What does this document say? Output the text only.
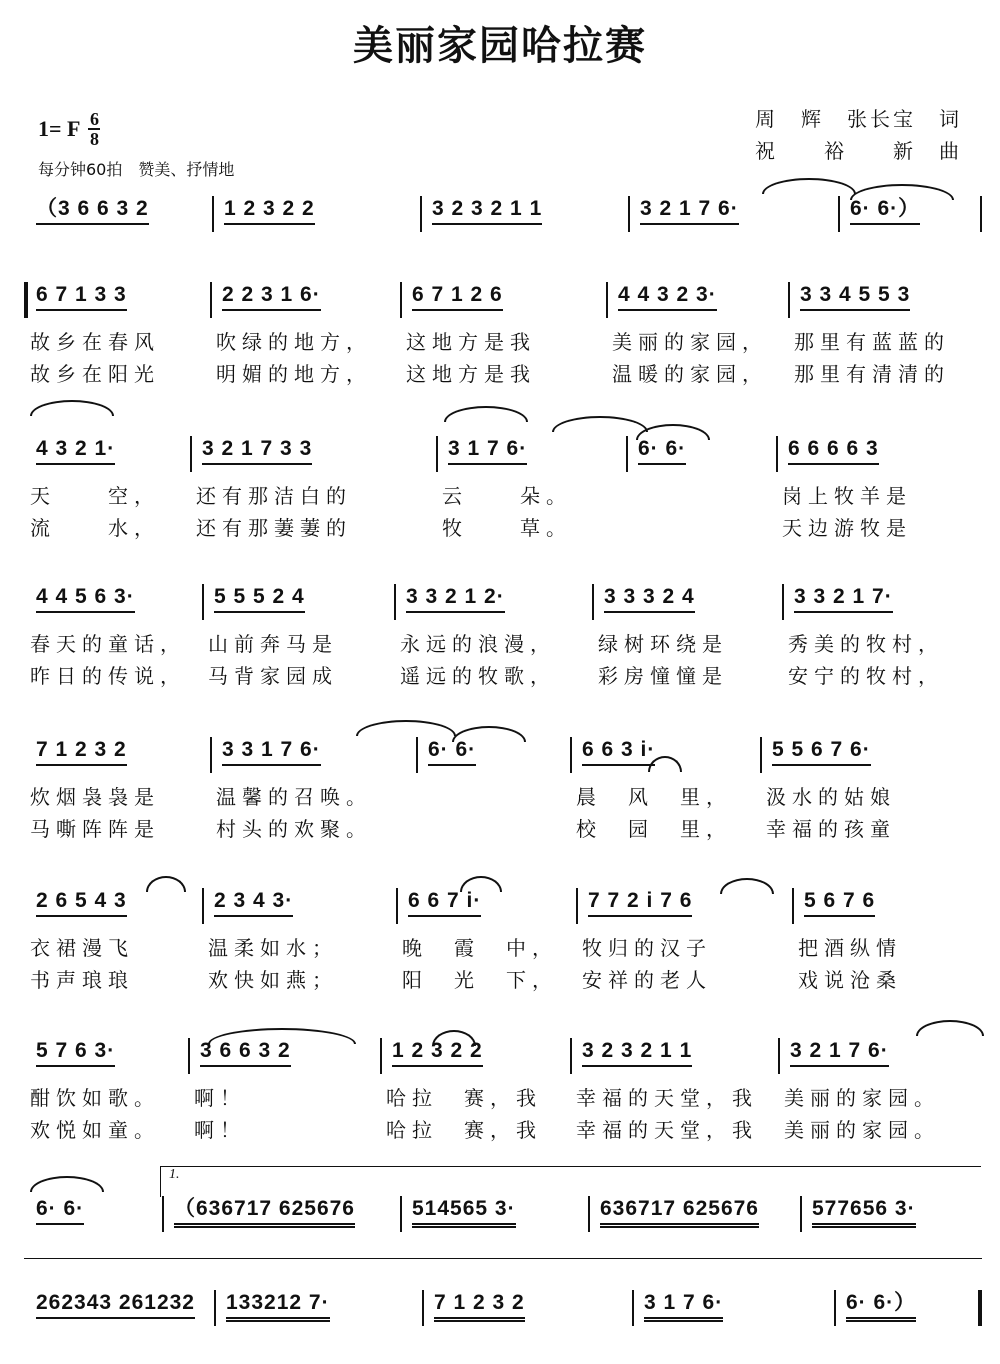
美丽家园哈拉赛
1= F $\frac{6}{8}$
每分钟60拍　赞美、抒情地
周　辉　张长宝　词
祝　　裕　　新　曲
（3 6 6 3 2	1 2 3 2 2	3 2 3 2 1 1	3 2 1 7 6·	6· 6·）
6 7 1 3 3
故乡在春风
故乡在阳光
2 2 3 1 6·
吹绿的地方，
明媚的地方，
6 7 1 2 6
这地方是我
这地方是我
4 4 3 2 3·
美丽的家园，
温暖的家园，
3 3 4 5 5 3
那里有蓝蓝的
那里有清清的
4 3 2 1·
天　　空，
流　　水，
3 2 1 7 3 3
还有那洁白的
还有那萋萋的
3 1 7 6·
云　　朵。
牧　　草。
6· 6·	6 6 6 6 3
岗上牧羊是
天边游牧是
4 4 5 6 3·
春天的童话，
昨日的传说，
5 5 5 2 4
山前奔马是
马背家园成
3 3 2 1 2·
永远的浪漫，
遥远的牧歌，
3 3 3 2 4
绿树环绕是
彩房憧憧是
3 3 2 1 7·
秀美的牧村，
安宁的牧村，
7 1 2 3 2
炊烟袅袅是
马嘶阵阵是
3 3 1 7 6·
温馨的召唤。
村头的欢聚。
6· 6·	6 6 3 i·
晨　风　里，
校　园　里，
5 5 6 7 6·
汲水的姑娘
幸福的孩童
2 6 5 4 3
衣裙漫飞
书声琅琅
2 3 4 3·
温柔如水；
欢快如燕；
6 6 7 i·
晚　霞　中，
阳　光　下，
7 7 2 i 7 6
牧归的汉子
安祥的老人
5 6 7 6
把酒纵情
戏说沧桑
5 7 6 3·
酣饮如歌。
欢悦如童。
3 6 6 3 2
啊！
啊！
1 2 3 2 2
哈拉　赛，我
哈拉　赛，我
3 2 3 2 1 1
幸福的天堂，我
幸福的天堂，我
3 2 1 7 6·
美丽的家园。
美丽的家园。
6· 6·	（636717 625676	514565 3·	636717 625676	577656 3·
262343 261232 133212 7·	7 1 2 3 2	3 1 7 6·	6· 6·）
1.
